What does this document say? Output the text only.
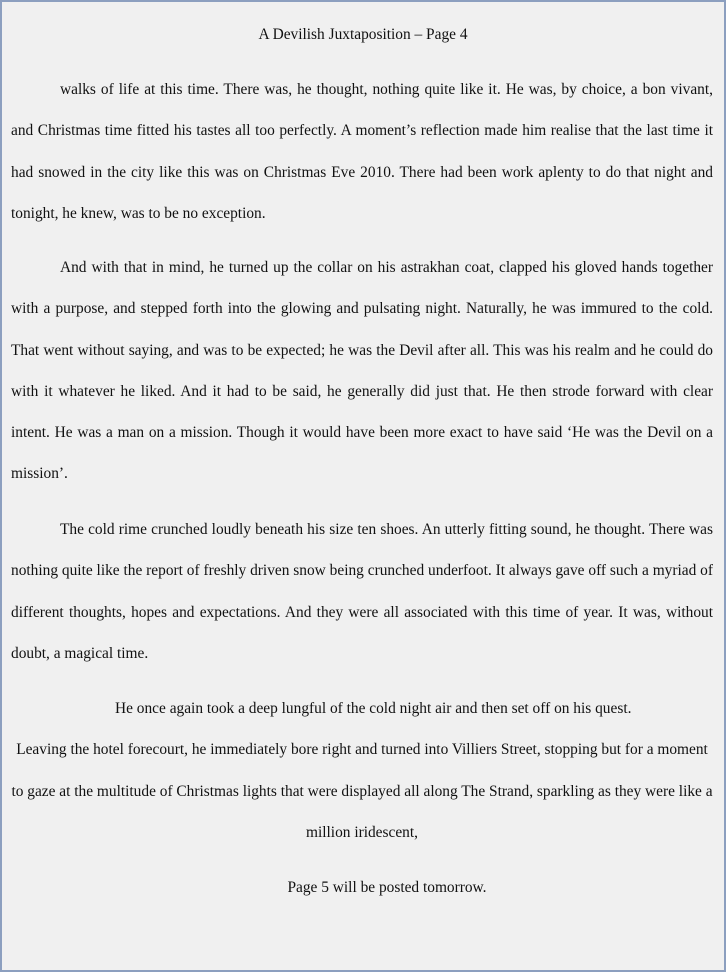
A Devilish Juxtaposition – Page 4

walks of life at this time. There was, he thought, nothing quite like it. He was, by choice, a bon vivant, and Christmas time fitted his tastes all too perfectly. A moment’s reflection made him realise that the last time it had snowed in the city like this was on Christmas Eve 2010. There had been work aplenty to do that night and tonight, he knew, was to be no exception.

And with that in mind, he turned up the collar on his astrakhan coat, clapped his gloved hands together with a purpose, and stepped forth into the glowing and pulsating night. Naturally, he was immured to the cold. That went without saying, and was to be expected; he was the Devil after all. This was his realm and he could do with it whatever he liked. And it had to be said, he generally did just that. He then strode forward with clear intent. He was a man on a mission. Though it would have been more exact to have said ‘He was the Devil on a mission’.

The cold rime crunched loudly beneath his size ten shoes. An utterly fitting sound, he thought. There was nothing quite like the report of freshly driven snow being crunched underfoot. It always gave off such a myriad of different thoughts, hopes and expectations. And they were all associated with this time of year. It was, without doubt, a magical time.

He once again took a deep lungful of the cold night air and then set off on his quest.
Leaving the hotel forecourt, he immediately bore right and turned into Villiers Street, stopping but for a moment to gaze at the multitude of Christmas lights that were displayed all along The Strand, sparkling as they were like a million iridescent,
Page 5 will be posted tomorrow.
